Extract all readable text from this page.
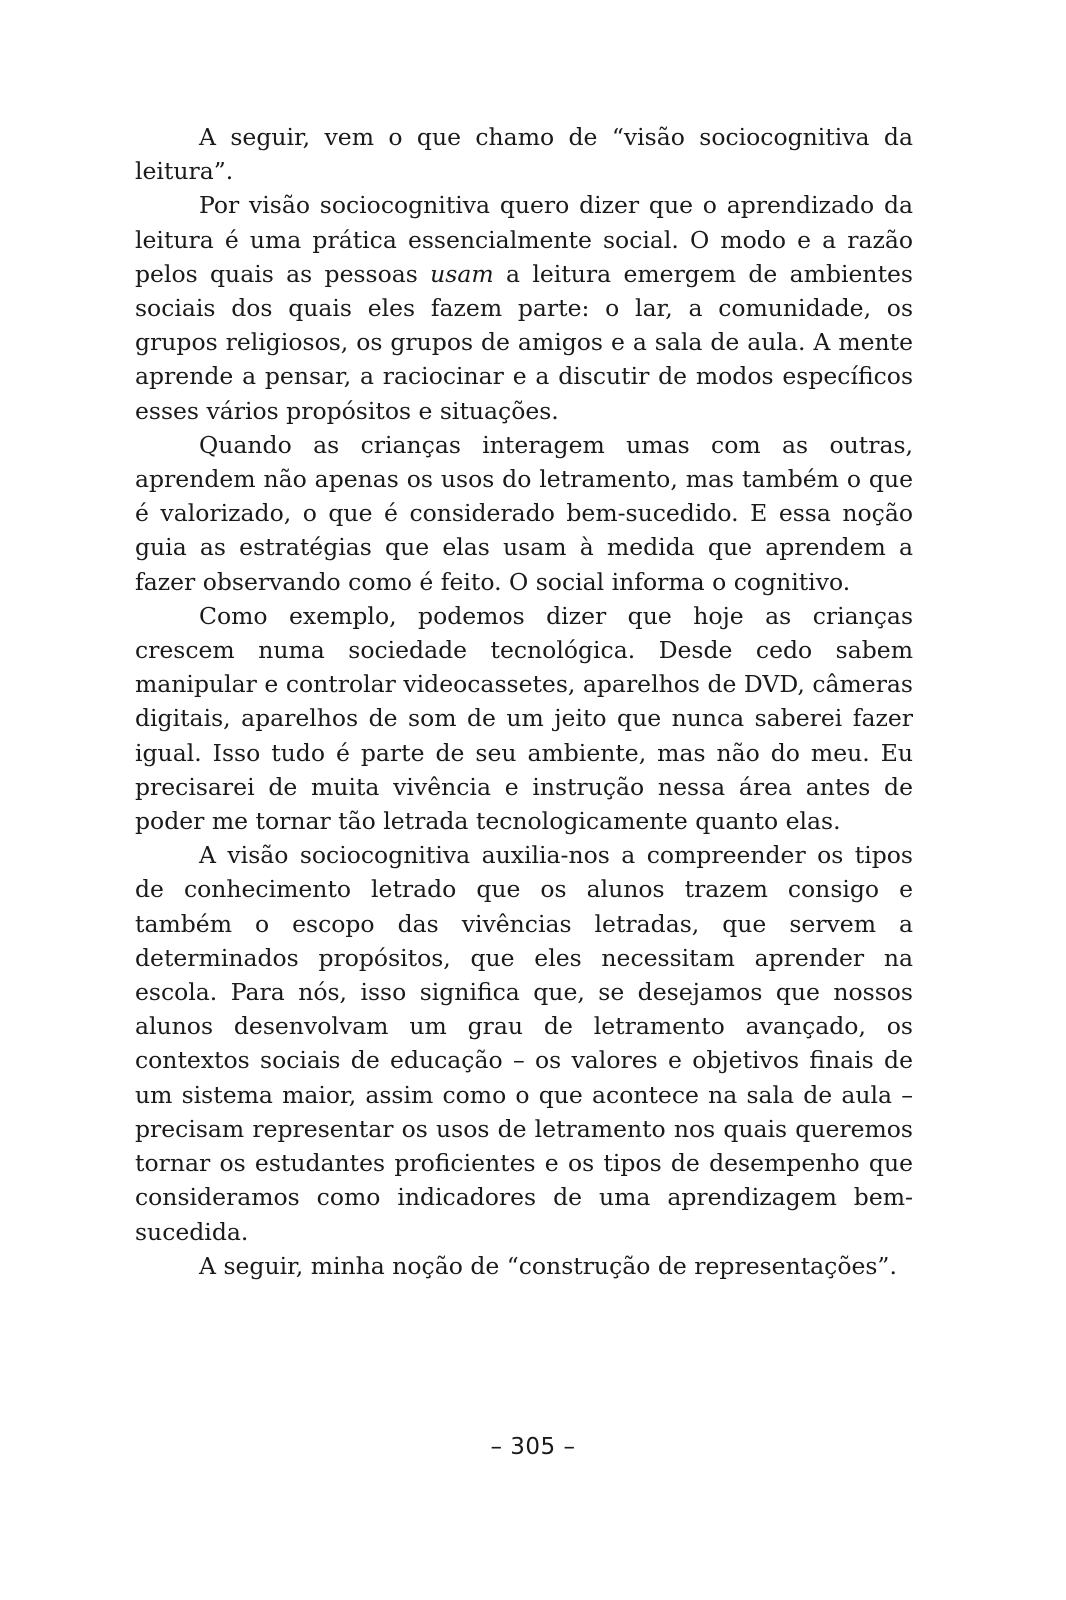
A seguir, vem o que chamo de “visão sociocognitiva da leitura”.

Por visão sociocognitiva quero dizer que o aprendizado da leitura é uma prática essencialmente social. O modo e a razão pelos quais as pessoas usam a leitura emergem de ambientes sociais dos quais eles fazem parte: o lar, a comunidade, os grupos religiosos, os grupos de amigos e a sala de aula. A mente aprende a pensar, a raciocinar e a discutir de modos específicos esses vários propósitos e situações.

Quando as crianças interagem umas com as outras, aprendem não apenas os usos do letramento, mas também o que é valorizado, o que é considerado bem-sucedido. E essa noção guia as estratégias que elas usam à medida que aprendem a fazer observando como é feito. O social informa o cognitivo.

Como exemplo, podemos dizer que hoje as crianças crescem numa sociedade tecnológica. Desde cedo sabem manipular e controlar videocassetes, aparelhos de DVD, câmeras digitais, aparelhos de som de um jeito que nunca saberei fazer igual. Isso tudo é parte de seu ambiente, mas não do meu. Eu precisarei de muita vivência e instrução nessa área antes de poder me tornar tão letrada tecnologicamente quanto elas.

A visão sociocognitiva auxilia-nos a compreender os tipos de conhecimento letrado que os alunos trazem consigo e também o escopo das vivências letradas, que servem a determinados propósitos, que eles necessitam aprender na escola. Para nós, isso significa que, se desejamos que nossos alunos desenvolvam um grau de letramento avançado, os contextos sociais de educação – os valores e objetivos finais de um sistema maior, assim como o que acontece na sala de aula – precisam representar os usos de letramento nos quais queremos tornar os estudantes proficientes e os tipos de desempenho que consideramos como indicadores de uma aprendizagem bem-sucedida.

A seguir, minha noção de “construção de representações”.

– 305 –
